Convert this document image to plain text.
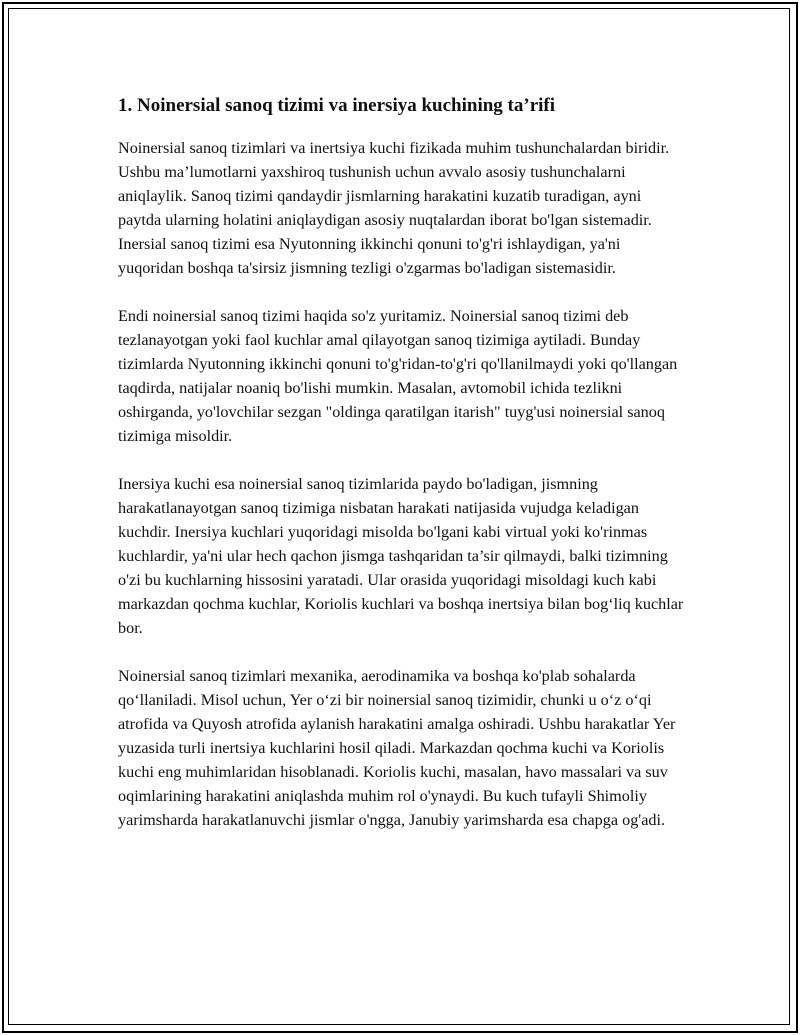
1. Noinersial sanoq tizimi va inersiya kuchining ta’rifi

Noinersial sanoq tizimlari va inertsiya kuchi fizikada muhim tushunchalardan biridir. Ushbu ma’lumotlarni yaxshiroq tushunish uchun avvalo asosiy tushunchalarni aniqlaylik. Sanoq tizimi qandaydir jismlarning harakatini kuzatib turadigan, ayni paytda ularning holatini aniqlaydigan asosiy nuqtalardan iborat bo'lgan sistemadir. Inersial sanoq tizimi esa Nyutonning ikkinchi qonuni to'g'ri ishlaydigan, ya'ni yuqoridan boshqa ta'sirsiz jismning tezligi o'zgarmas bo'ladigan sistemasidir.

Endi noinersial sanoq tizimi haqida so'z yuritamiz. Noinersial sanoq tizimi deb tezlanayotgan yoki faol kuchlar amal qilayotgan sanoq tizimiga aytiladi. Bunday tizimlarda Nyutonning ikkinchi qonuni to'g'ridan-to'g'ri qo'llanilmaydi yoki qo'llangan taqdirda, natijalar noaniq bo'lishi mumkin. Masalan, avtomobil ichida tezlikni oshirganda, yo'lovchilar sezgan "oldinga qaratilgan itarish" tuyg'usi noinersial sanoq tizimiga misoldir.

Inersiya kuchi esa noinersial sanoq tizimlarida paydo bo'ladigan, jismning harakatlanayotgan sanoq tizimiga nisbatan harakati natijasida vujudga keladigan kuchdir. Inersiya kuchlari yuqoridagi misolda bo'lgani kabi virtual yoki ko'rinmas kuchlardir, ya'ni ular hech qachon jismga tashqaridan ta’sir qilmaydi, balki tizimning o'zi bu kuchlarning hissosini yaratadi. Ular orasida yuqoridagi misoldagi kuch kabi markazdan qochma kuchlar, Koriolis kuchlari va boshqa inertsiya bilan bog‘liq kuchlar bor.

Noinersial sanoq tizimlari mexanika, aerodinamika va boshqa ko'plab sohalarda qo‘llaniladi. Misol uchun, Yer o‘zi bir noinersial sanoq tizimidir, chunki u o‘z o‘qi atrofida va Quyosh atrofida aylanish harakatini amalga oshiradi. Ushbu harakatlar Yer yuzasida turli inertsiya kuchlarini hosil qiladi. Markazdan qochma kuchi va Koriolis kuchi eng muhimlaridan hisoblanadi. Koriolis kuchi, masalan, havo massalari va suv oqimlarining harakatini aniqlashda muhim rol o'ynaydi. Bu kuch tufayli Shimoliy yarimsharda harakatlanuvchi jismlar o'ngga, Janubiy yarimsharda esa chapga og'adi.
